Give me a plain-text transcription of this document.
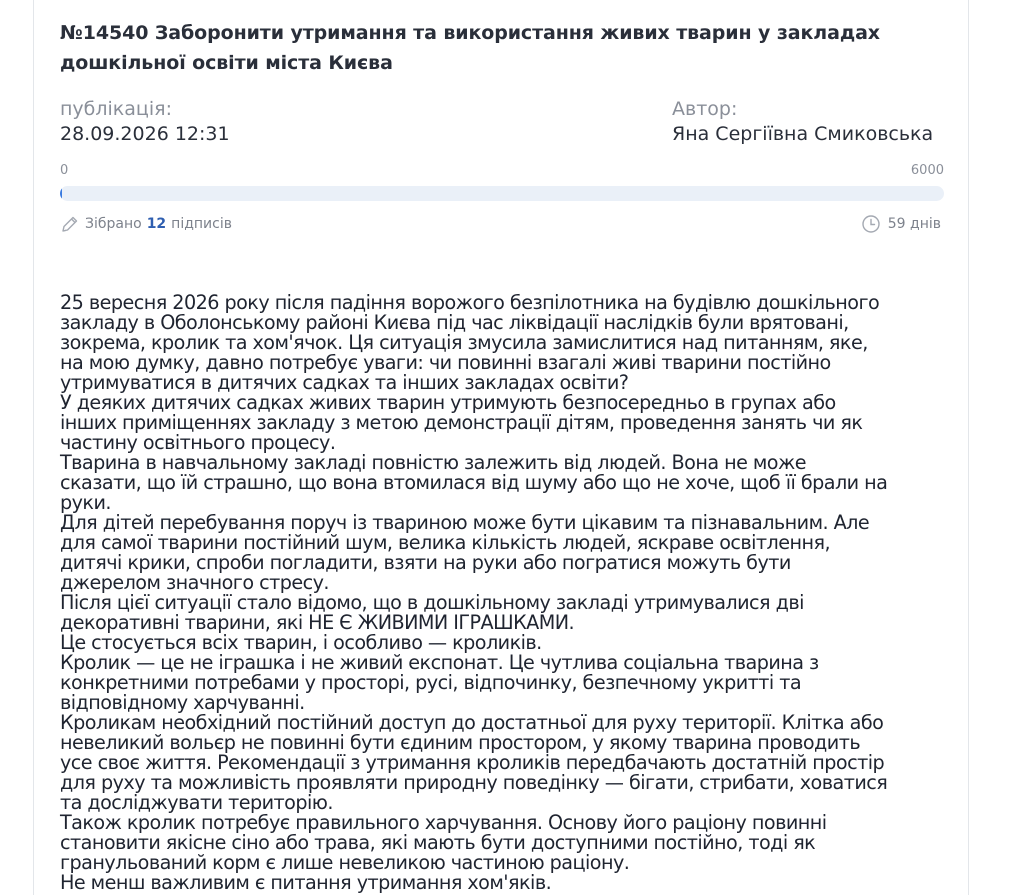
№14540 Заборонити утримання та використання живих тварин у закладах дошкільної освіти міста Києва
публікація:
28.09.2026 12:31
Автор:
Яна Сергіївна Смиковська
0	6000
Зібрано 12 підписів	59 днів

25 вересня 2026 року після падіння ворожого безпілотника на будівлю дошкільного
закладу в Оболонському районі Києва під час ліквідації наслідків були врятовані,
зокрема, кролик та хом'ячок. Ця ситуація змусила замислитися над питанням, яке,
на мою думку, давно потребує уваги: чи повинні взагалі живі тварини постійно
утримуватися в дитячих садках та інших закладах освіти?

У деяких дитячих садках живих тварин утримують безпосередньо в групах або
інших приміщеннях закладу з метою демонстрації дітям, проведення занять чи як
частину освітнього процесу.

Тварина в навчальному закладі повністю залежить від людей. Вона не може
сказати, що їй страшно, що вона втомилася від шуму або що не хоче, щоб її брали на
руки.

Для дітей перебування поруч із твариною може бути цікавим та пізнавальним. Але
для самої тварини постійний шум, велика кількість людей, яскраве освітлення,
дитячі крики, спроби погладити, взяти на руки або погратися можуть бути
джерелом значного стресу.

Після цієї ситуації стало відомо, що в дошкільному закладі утримувалися дві
декоративні тварини, які НЕ Є ЖИВИМИ ІГРАШКАМИ.

Це стосується всіх тварин, і особливо — кроликів.

Кролик — це не іграшка і не живий експонат. Це чутлива соціальна тварина з
конкретними потребами у просторі, русі, відпочинку, безпечному укритті та
відповідному харчуванні.

Кроликам необхідний постійний доступ до достатньої для руху території. Клітка або
невеликий вольєр не повинні бути єдиним простором, у якому тварина проводить
усе своє життя. Рекомендації з утримання кроликів передбачають достатній простір
для руху та можливість проявляти природну поведінку — бігати, стрибати, ховатися
та досліджувати територію.

Також кролик потребує правильного харчування. Основу його раціону повинні
становити якісне сіно або трава, які мають бути доступними постійно, тоді як
гранульований корм є лише невеликою частиною раціону.

Не менш важливим є питання утримання хом'яків.
